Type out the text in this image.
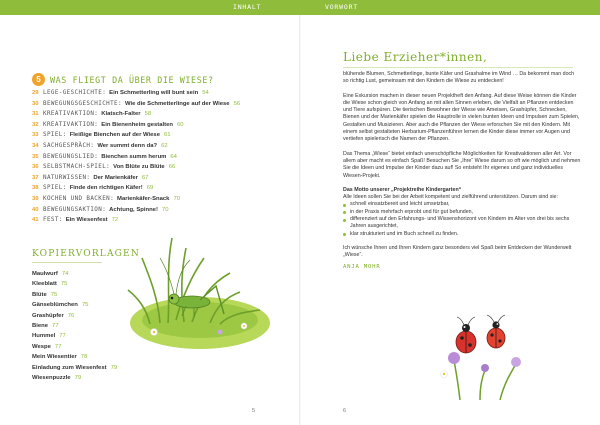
INHALT	VORWORT
5	WAS FLIEGT DA ÜBER DIE WIESE?
29 LEGE-GESCHICHTE: Ein Schmetterling will bunt sein 54
30 BEWEGUNGSGESCHICHTE: Wie die Schmetterlinge auf der Wiese 56
31 KREATIVAKTION: Klatsch-Falter 58
32 KREATIVAKTION: Ein Bienenheim gestalten 60
33 SPIEL: Fleißige Bienchen auf der Wiese 61
34 SACHGESPRÄCH: Wer summt denn da? 62
35 BEWEGUNGSLIED: Bienchen summ herum 64
36 SELBSTMACH-SPIEL: Von Blüte zu Blüte 66
37 NATURWISSEN: Der Marienkäfer 67
38 SPIEL: Finde den richtigen Käfer! 69
39 KOCHEN UND BACKEN: Marienkäfer-Snack 70
40 BEWEGUNGSAKTION: Achtung, Spinne! 70
41 FEST: Ein Wiesenfest 72
KOPIERVORLAGEN
Maulwurf 74
Kleeblatt 75
Blüte 75
Gänseblümchen 75
Grashüpfer 76
Biene 77
Hummel 77
Wespe 77
Mein Wiesentier 78
Einladung zum Wiesenfest 79
Wiesenpuzzle 79
5
Liebe Erzieher*innen,

blühende Blumen, Schmetterlinge, bunte Käfer und Grashalme im Wind … Da bekommt man doch so richtig Lust, gemeinsam mit den Kindern die Wiese zu entdecken!

Eine Exkursion machen in dieser neuen Projektheft den Anfang. Auf diese Weise können die Kinder die Wiese schon gleich von Anfang an mit allen Sinnen erleben, die Vielfalt an Pflanzen entdecken und Tiere aufspüren. Die tierischen Bewohner der Wiese wie Ameisen, Grashüpfer, Schnecken, Bienen und der Marienkäfer spielen die Hauptrolle in vielen bunten Ideen und Impulsen zum Spielen, Gestalten und Musizieren. Aber auch die Pflanzen der Wiese erforschen Sie mit den Kindern. Mit einem selbst gestalteten Herbarium-Pflanzenführer lernen die Kinder diese immer vor Augen und vertiefen spielerisch die Namen der Pflanzen.

Das Thema „Wiese“ bietet einfach unerschöpfliche Möglichkeiten für Kreativaktionen aller Art. Vor allem aber macht es einfach Spaß! Besuchen Sie „Ihre“ Wiese darum so oft wie möglich und nehmen Sie die Ideen und Impulse der Kinder dazu auf! So entsteht Ihr eigenes und ganz individuelles Wiesen-Projekt.

Das Motto unserer „Projektreihe Kindergarten“
Alle Ideen sollen Sie bei der Arbeit kompetent und zielführend unterstützen. Darum sind sie:

schnell einsatzbereit und leicht umsetzbar,
in der Praxis mehrfach erprobt und für gut befunden,
differenziert auf den Erfahrungs- und Wissenshorizont von Kindern im Alter von drei bis sechs Jahren ausgerichtet,
klar strukturiert und im Buch schnell zu finden.

Ich wünsche Ihnen und Ihren Kindern ganz besonders viel Spaß beim Entdecken der Wunderwelt „Wiese“.

ANJA MOHR

6
